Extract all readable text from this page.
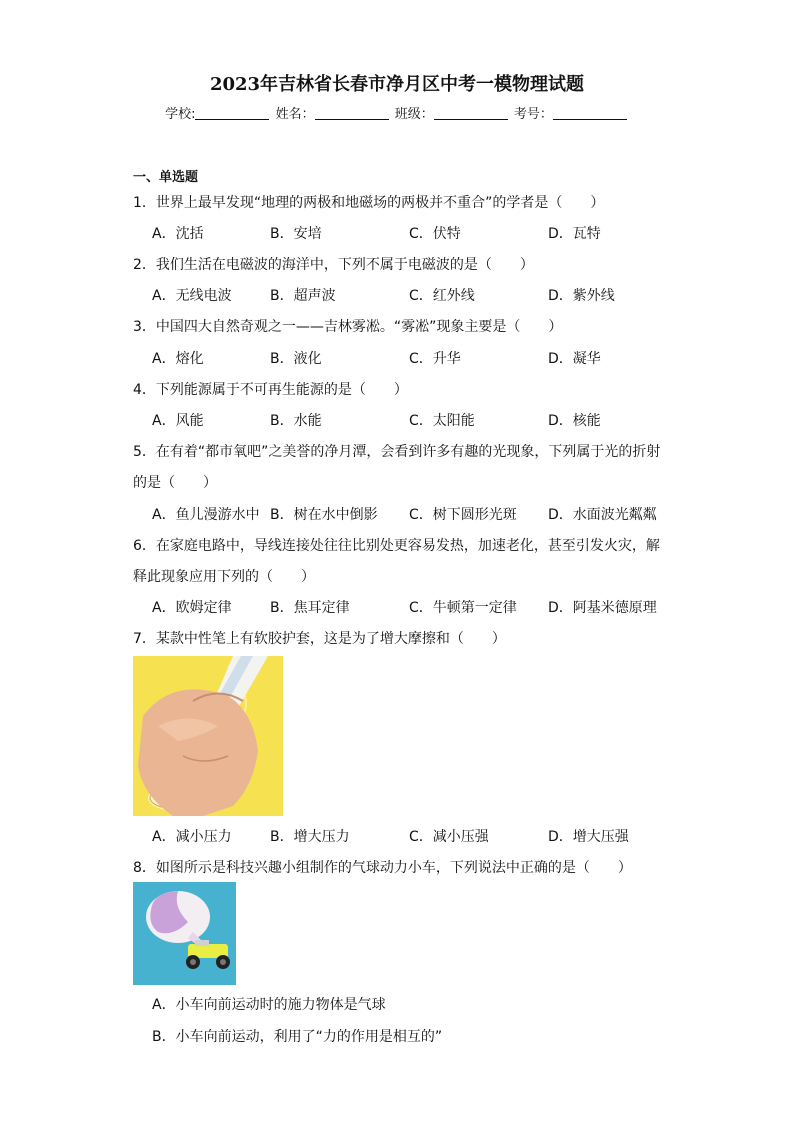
2023年吉林省长春市净月区中考一模物理试题
学校:	姓名：	班级：	考号：
一、单选题
1．世界上最早发现“地理的两极和地磁场的两极并不重合”的学者是（　　）
A．沈括	B．安培	C．伏特	D．瓦特
2．我们生活在电磁波的海洋中，下列不属于电磁波的是（　　）
A．无线电波	B．超声波	C．红外线	D．紫外线
3．中国四大自然奇观之一——吉林雾凇。“雾凇”现象主要是（　　）
A．熔化	B．液化	C．升华	D．凝华
4．下列能源属于不可再生能源的是（　　）
A．风能	B．水能	C．太阳能	D．核能
5．在有着“都市氧吧”之美誉的净月潭，会看到许多有趣的光现象，下列属于光的折射
的是（　　）
A．鱼儿漫游水中 B．树在水中倒影 C．树下圆形光斑 D．水面波光粼粼
6．在家庭电路中，导线连接处往往比别处更容易发热，加速老化，甚至引发火灾，解
释此现象应用下列的（　　）
A．欧姆定律	B．焦耳定律	C．牛顿第一定律 D．阿基米德原理
7．某款中性笔上有软胶护套，这是为了增大摩擦和（　　）
A．减小压力	B．增大压力	C．减小压强	D．增大压强
8．如图所示是科技兴趣小组制作的气球动力小车，下列说法中正确的是（　　）
A．小车向前运动时的施力物体是气球
B．小车向前运动，利用了“力的作用是相互的”
